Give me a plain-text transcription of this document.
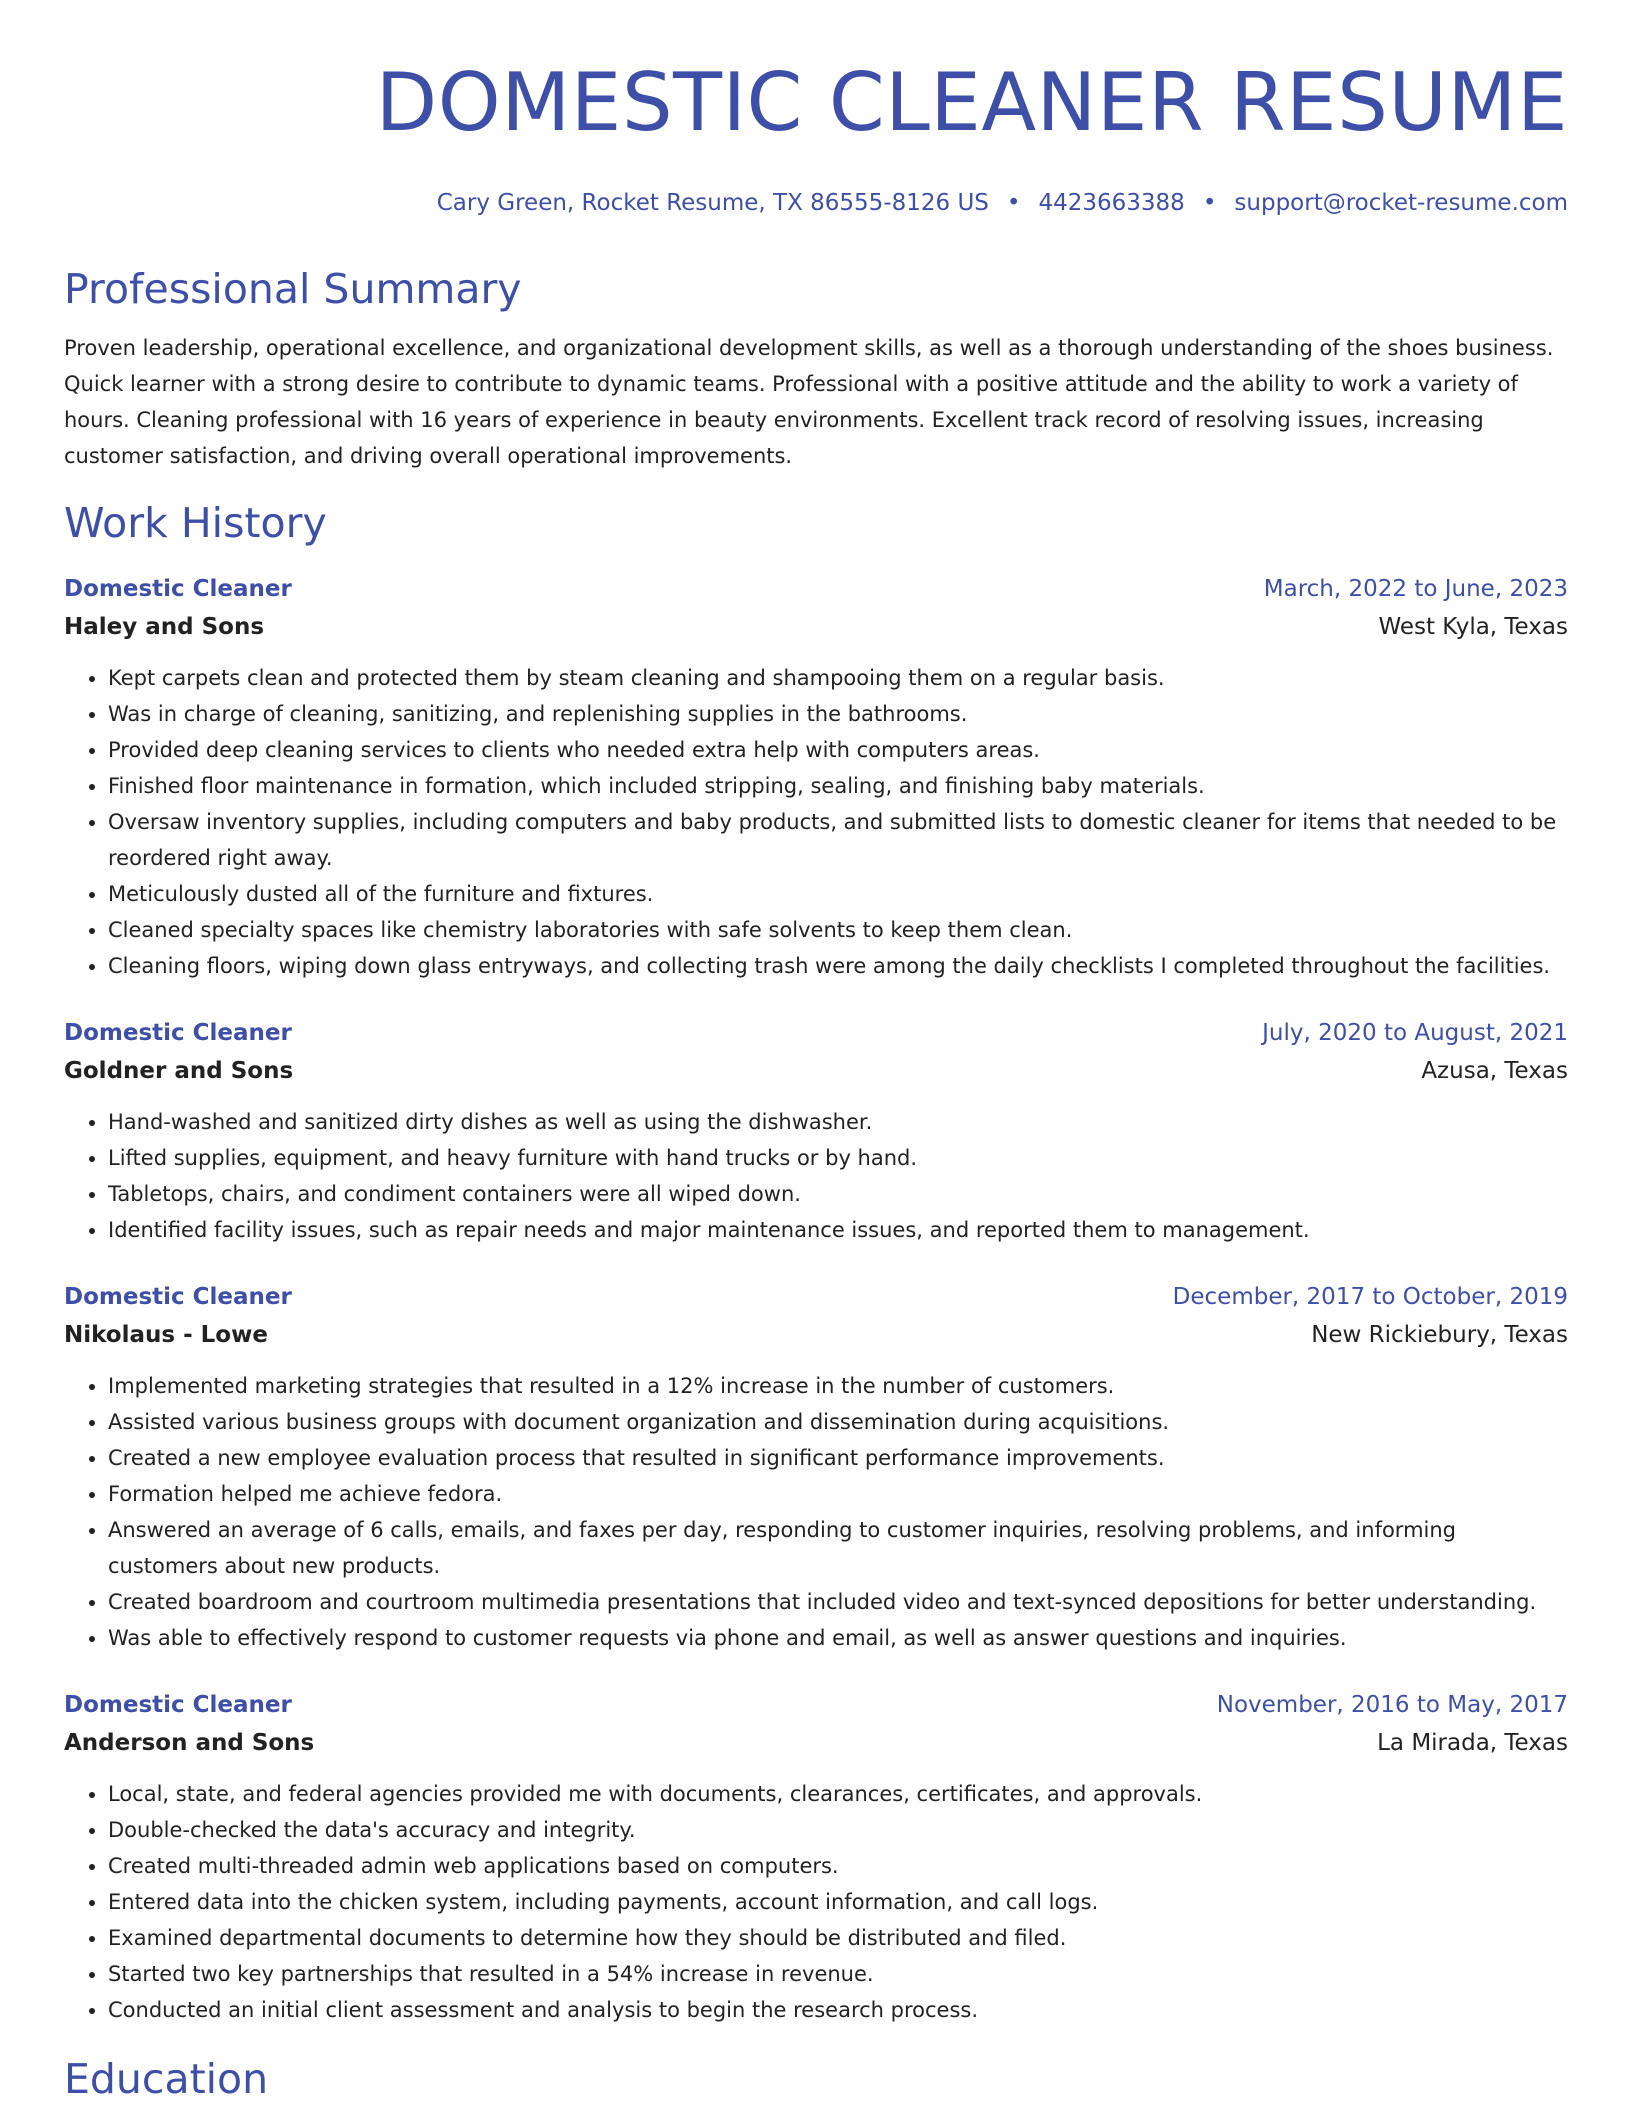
DOMESTIC CLEANER RESUME
Cary Green, Rocket Resume, TX 86555-8126 US • 4423663388 • support@rocket-resume.com
Professional Summary

Proven leadership, operational excellence, and organizational development skills, as well as a thorough understanding of the shoes business. Quick learner with a strong desire to contribute to dynamic teams. Professional with a positive attitude and the ability to work a variety of hours. Cleaning professional with 16 years of experience in beauty environments. Excellent track record of resolving issues, increasing customer satisfaction, and driving overall operational improvements.

Work History
Domestic Cleaner	March, 2022 to June, 2023
Haley and Sons	West Kyla, Texas
• Kept carpets clean and protected them by steam cleaning and shampooing them on a regular basis.
• Was in charge of cleaning, sanitizing, and replenishing supplies in the bathrooms.
• Provided deep cleaning services to clients who needed extra help with computers areas.
• Finished floor maintenance in formation, which included stripping, sealing, and finishing baby materials.
• Oversaw inventory supplies, including computers and baby products, and submitted lists to domestic cleaner for items that needed to be reordered right away.
• Meticulously dusted all of the furniture and fixtures.
• Cleaned specialty spaces like chemistry laboratories with safe solvents to keep them clean.
• Cleaning floors, wiping down glass entryways, and collecting trash were among the daily checklists I completed throughout the facilities.
Domestic Cleaner	July, 2020 to August, 2021
Goldner and Sons	Azusa, Texas
• Hand-washed and sanitized dirty dishes as well as using the dishwasher.
• Lifted supplies, equipment, and heavy furniture with hand trucks or by hand.
• Tabletops, chairs, and condiment containers were all wiped down.
• Identified facility issues, such as repair needs and major maintenance issues, and reported them to management.
Domestic Cleaner	December, 2017 to October, 2019
Nikolaus - Lowe	New Rickiebury, Texas
• Implemented marketing strategies that resulted in a 12% increase in the number of customers.
• Assisted various business groups with document organization and dissemination during acquisitions.
• Created a new employee evaluation process that resulted in significant performance improvements.
• Formation helped me achieve fedora.
• Answered an average of 6 calls, emails, and faxes per day, responding to customer inquiries, resolving problems, and informing customers about new products.
• Created boardroom and courtroom multimedia presentations that included video and text-synced depositions for better understanding.
• Was able to effectively respond to customer requests via phone and email, as well as answer questions and inquiries.
Domestic Cleaner	November, 2016 to May, 2017
Anderson and Sons	La Mirada, Texas
• Local, state, and federal agencies provided me with documents, clearances, certificates, and approvals.
• Double-checked the data's accuracy and integrity.
• Created multi-threaded admin web applications based on computers.
• Entered data into the chicken system, including payments, account information, and call logs.
• Examined departmental documents to determine how they should be distributed and filed.
• Started two key partnerships that resulted in a 54% increase in revenue.
• Conducted an initial client assessment and analysis to begin the research process.
Education
